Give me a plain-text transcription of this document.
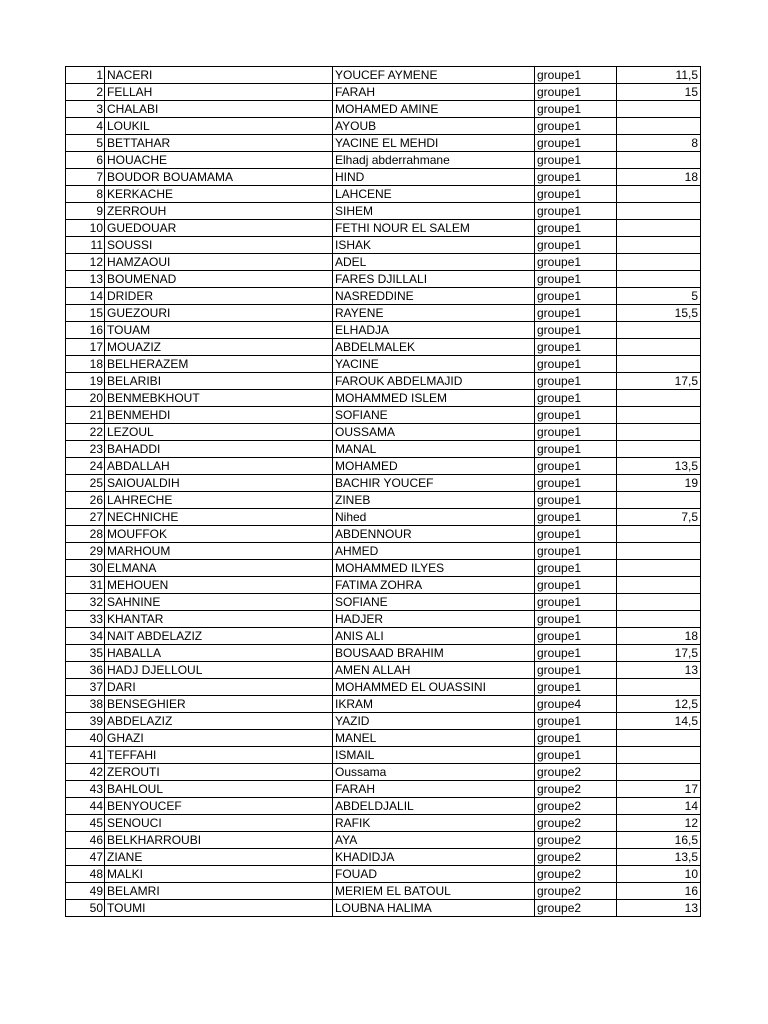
1	NACERI	YOUCEF AYMENE	groupe1	11,5
2	FELLAH	FARAH	groupe1	15
3	CHALABI	MOHAMED AMINE	groupe1	
4	LOUKIL	AYOUB	groupe1	
5	BETTAHAR	YACINE EL MEHDI	groupe1	8
6	HOUACHE	Elhadj abderrahmane	groupe1	
7	BOUDOR BOUAMAMA	HIND	groupe1	18
8	KERKACHE	LAHCENE	groupe1	
9	ZERROUH	SIHEM	groupe1	
10	GUEDOUAR	FETHI NOUR EL SALEM	groupe1	
11	SOUSSI	ISHAK	groupe1	
12	HAMZAOUI	ADEL	groupe1	
13	BOUMENAD	FARES DJILLALI	groupe1	
14	DRIDER	NASREDDINE	groupe1	5
15	GUEZOURI	RAYENE	groupe1	15,5
16	TOUAM	ELHADJA	groupe1	
17	MOUAZIZ	ABDELMALEK	groupe1	
18	BELHERAZEM	YACINE	groupe1	
19	BELARIBI	FAROUK ABDELMAJID	groupe1	17,5
20	BENMEBKHOUT	MOHAMMED ISLEM	groupe1	
21	BENMEHDI	SOFIANE	groupe1	
22	LEZOUL	OUSSAMA	groupe1	
23	BAHADDI	MANAL	groupe1	
24	ABDALLAH	MOHAMED	groupe1	13,5
25	SAIOUALDIH	BACHIR YOUCEF	groupe1	19
26	LAHRECHE	ZINEB	groupe1	
27	NECHNICHE	Nihed	groupe1	7,5
28	MOUFFOK	ABDENNOUR	groupe1	
29	MARHOUM	AHMED	groupe1	
30	ELMANA	MOHAMMED ILYES	groupe1	
31	MEHOUEN	FATIMA ZOHRA	groupe1	
32	SAHNINE	SOFIANE	groupe1	
33	KHANTAR	HADJER	groupe1	
34	NAIT ABDELAZIZ	ANIS ALI	groupe1	18
35	HABALLA	BOUSAAD BRAHIM	groupe1	17,5
36	HADJ DJELLOUL	AMEN ALLAH	groupe1	13
37	DARI	MOHAMMED EL OUASSINI	groupe1	
38	BENSEGHIER	IKRAM	groupe4	12,5
39	ABDELAZIZ	YAZID	groupe1	14,5
40	GHAZI	MANEL	groupe1	
41	TEFFAHI	ISMAIL	groupe1	
42	ZEROUTI	Oussama	groupe2	
43	BAHLOUL	FARAH	groupe2	17
44	BENYOUCEF	ABDELDJALIL	groupe2	14
45	SENOUCI	RAFIK	groupe2	12
46	BELKHARROUBI	AYA	groupe2	16,5
47	ZIANE	KHADIDJA	groupe2	13,5
48	MALKI	FOUAD	groupe2	10
49	BELAMRI	MERIEM EL BATOUL	groupe2	16
50	TOUMI	LOUBNA HALIMA	groupe2	13
